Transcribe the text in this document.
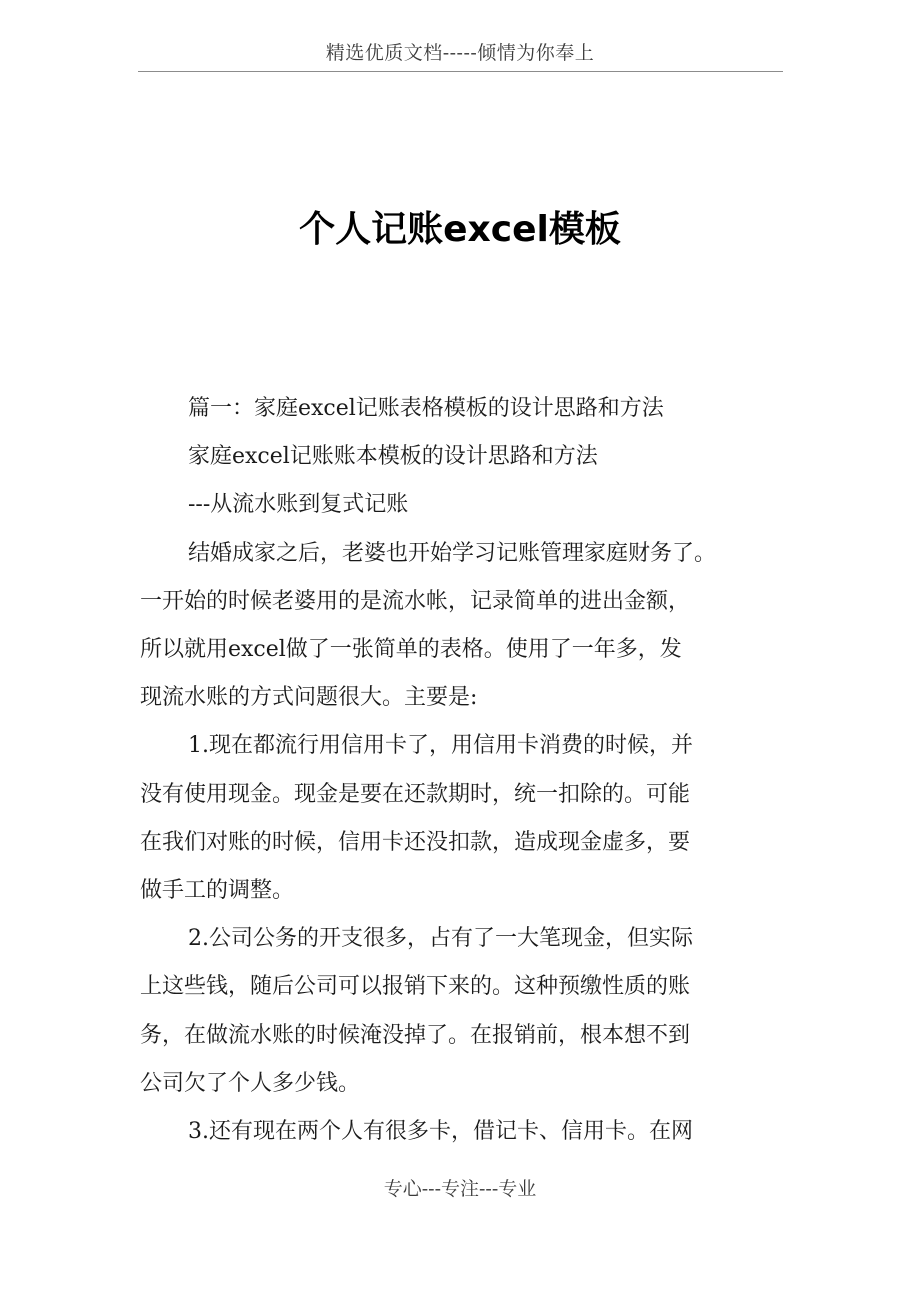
精选优质文档-----倾情为你奉上
个人记账excel模板
篇一：家庭excel记账表格模板的设计思路和方法
家庭excel记账账本模板的设计思路和方法
---从流水账到复式记账
结婚成家之后，老婆也开始学习记账管理家庭财务了。
一开始的时候老婆用的是流水帐，记录简单的进出金额，
所以就用excel做了一张简单的表格。使用了一年多，发
现流水账的方式问题很大。主要是:
1.现在都流行用信用卡了，用信用卡消费的时候，并
没有使用现金。现金是要在还款期时，统一扣除的。可能
在我们对账的时候，信用卡还没扣款，造成现金虚多，要
做手工的调整。
2.公司公务的开支很多，占有了一大笔现金，但实际
上这些钱，随后公司可以报销下来的。这种预缴性质的账
务，在做流水账的时候淹没掉了。在报销前，根本想不到
公司欠了个人多少钱。
3.还有现在两个人有很多卡，借记卡、信用卡。在网
专心---专注---专业
